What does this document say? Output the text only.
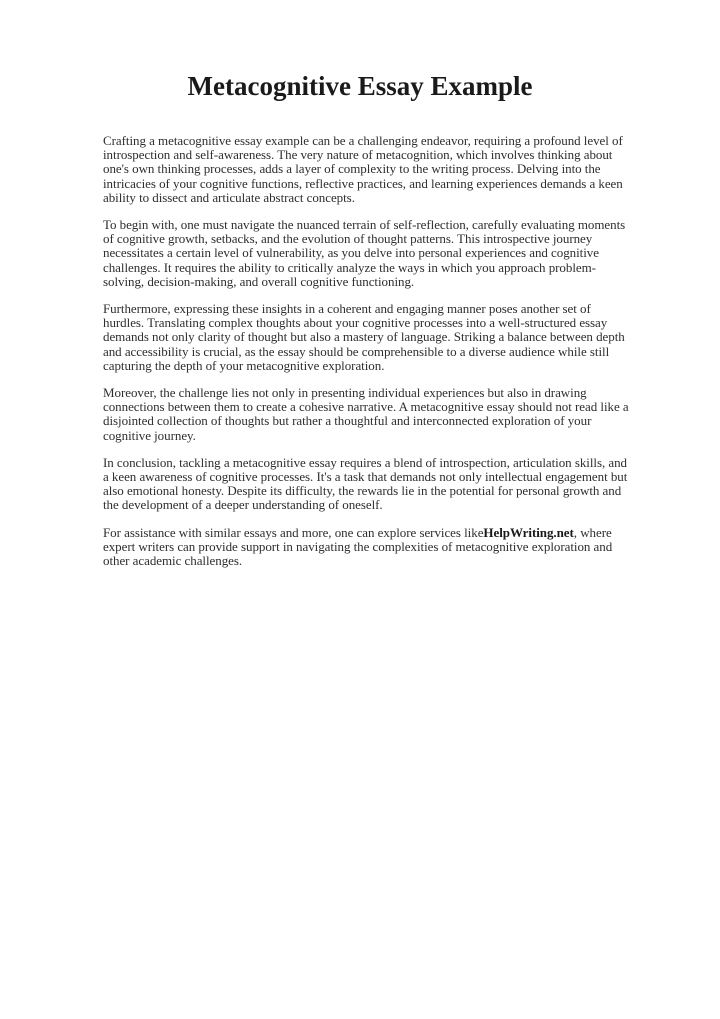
Metacognitive Essay Example

Crafting a metacognitive essay example can be a challenging endeavor, requiring a profound level of introspection and self-awareness. The very nature of metacognition, which involves thinking about one's own thinking processes, adds a layer of complexity to the writing process. Delving into the intricacies of your cognitive functions, reflective practices, and learning experiences demands a keen ability to dissect and articulate abstract concepts.

To begin with, one must navigate the nuanced terrain of self-reflection, carefully evaluating moments of cognitive growth, setbacks, and the evolution of thought patterns. This introspective journey necessitates a certain level of vulnerability, as you delve into personal experiences and cognitive challenges. It requires the ability to critically analyze the ways in which you approach problem-solving, decision-making, and overall cognitive functioning.

Furthermore, expressing these insights in a coherent and engaging manner poses another set of hurdles. Translating complex thoughts about your cognitive processes into a well-structured essay demands not only clarity of thought but also a mastery of language. Striking a balance between depth and accessibility is crucial, as the essay should be comprehensible to a diverse audience while still capturing the depth of your metacognitive exploration.

Moreover, the challenge lies not only in presenting individual experiences but also in drawing connections between them to create a cohesive narrative. A metacognitive essay should not read like a disjointed collection of thoughts but rather a thoughtful and interconnected exploration of your cognitive journey.

In conclusion, tackling a metacognitive essay requires a blend of introspection, articulation skills, and a keen awareness of cognitive processes. It's a task that demands not only intellectual engagement but also emotional honesty. Despite its difficulty, the rewards lie in the potential for personal growth and the development of a deeper understanding of oneself.

For assistance with similar essays and more, one can explore services likeHelpWriting.net, where expert writers can provide support in navigating the complexities of metacognitive exploration and other academic challenges.
